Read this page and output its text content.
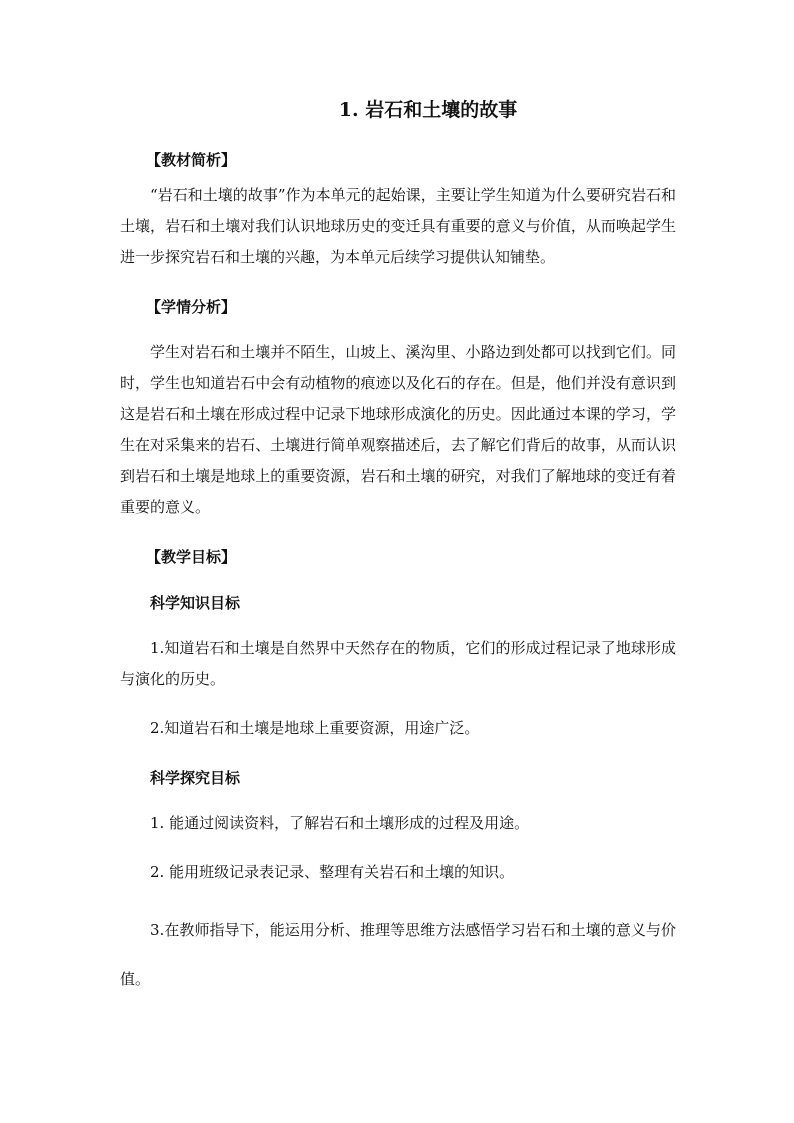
1. 岩石和土壤的故事
【教材简析】

“岩石和土壤的故事”作为本单元的起始课，主要让学生知道为什么要研究岩石和土壤，岩石和土壤对我们认识地球历史的变迁具有重要的意义与价值，从而唤起学生进一步探究岩石和土壤的兴趣，为本单元后续学习提供认知铺垫。

【学情分析】

学生对岩石和土壤并不陌生，山坡上、溪沟里、小路边到处都可以找到它们。同时，学生也知道岩石中会有动植物的痕迹以及化石的存在。但是，他们并没有意识到这是岩石和土壤在形成过程中记录下地球形成演化的历史。因此通过本课的学习，学生在对采集来的岩石、土壤进行简单观察描述后，去了解它们背后的故事，从而认识到岩石和土壤是地球上的重要资源，岩石和土壤的研究，对我们了解地球的变迁有着重要的意义。

【教学目标】
科学知识目标

1.知道岩石和土壤是自然界中天然存在的物质，它们的形成过程记录了地球形成与演化的历史。

2.知道岩石和土壤是地球上重要资源，用途广泛。

科学探究目标

1. 能通过阅读资料，了解岩石和土壤形成的过程及用途。

2. 能用班级记录表记录、整理有关岩石和土壤的知识。

3.在教师指导下，能运用分析、推理等思维方法感悟学习岩石和土壤的意义与价值。
